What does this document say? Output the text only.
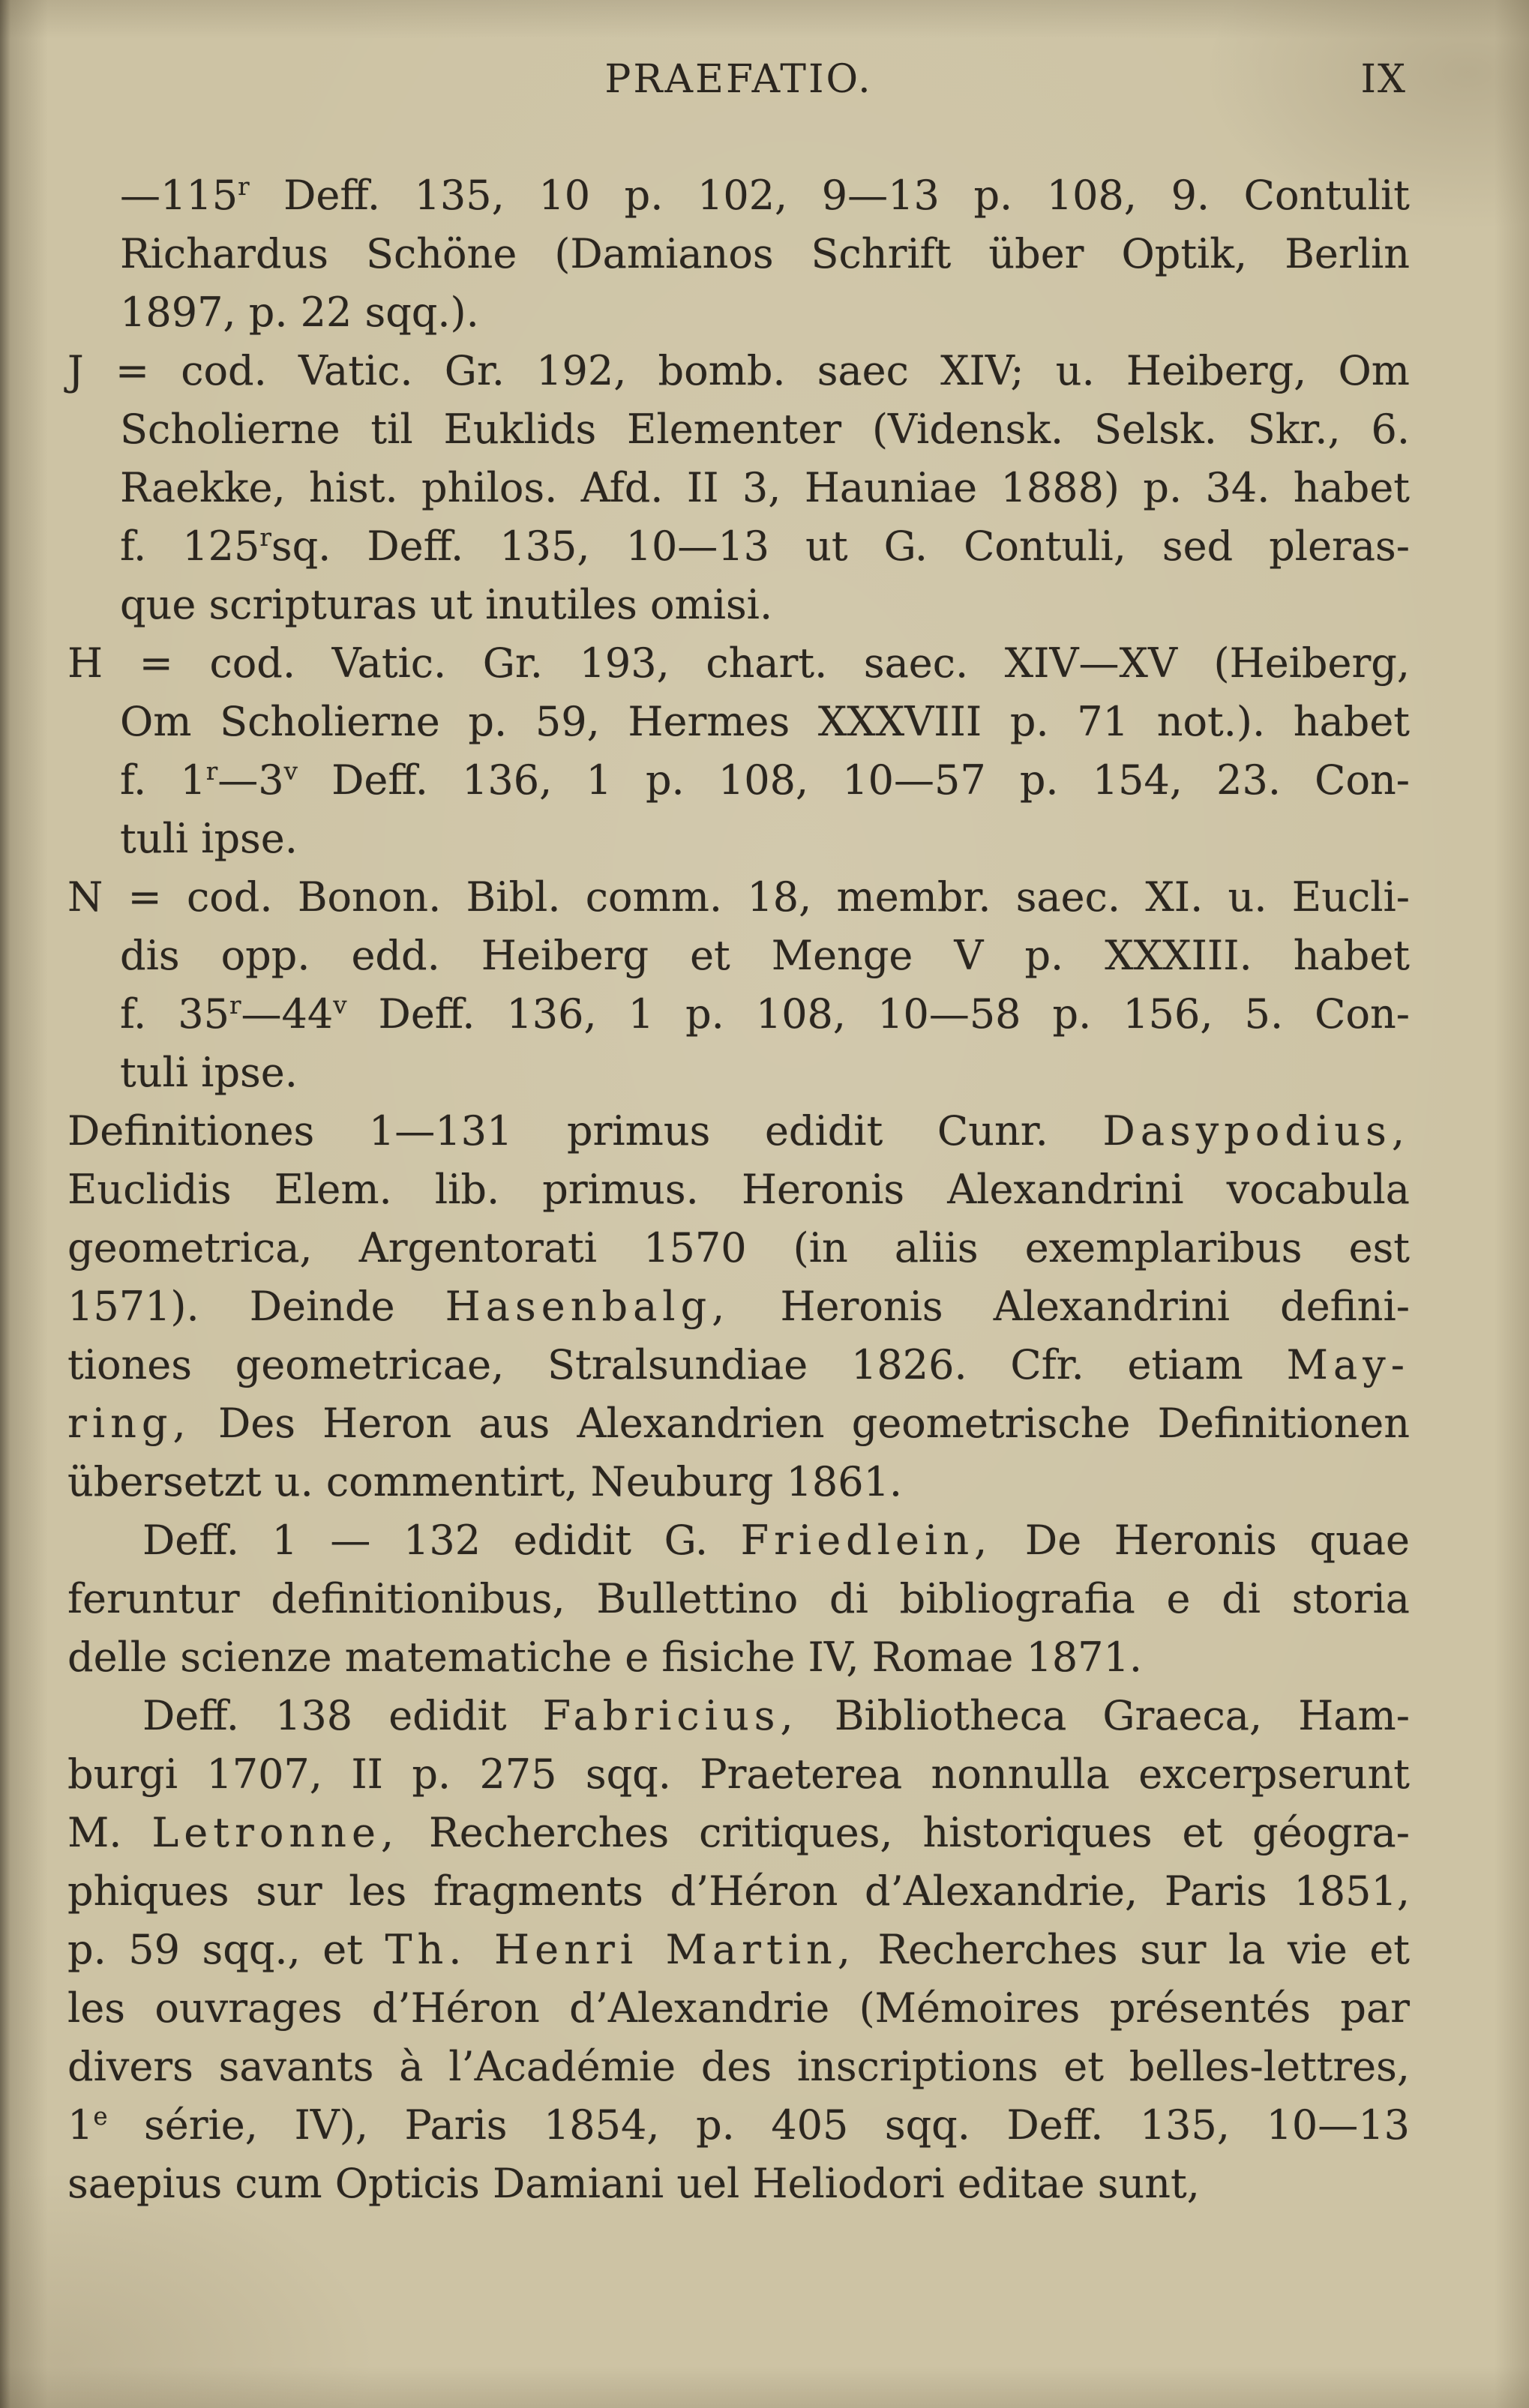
PRAEFATIO.	IX
—115$^r$ Deff. 135, 10 p. 102, 9—13 p. 108, 9. Contulit
Richardus Schöne (Damianos Schrift über Optik, Berlin
1897, p. 22 sqq.).
J = cod. Vatic. Gr. 192, bomb. saec XIV; u. Heiberg, Om
Scholierne til Euklids Elementer (Vidensk. Selsk. Skr., 6.
Raekke, hist. philos. Afd. II 3, Hauniae 1888) p. 34. habet
f. 125$^r$sq. Deff. 135, 10—13 ut G. Contuli, sed pleras-
que scripturas ut inutiles omisi.
H = cod. Vatic. Gr. 193, chart. saec. XIV—XV (Heiberg,
Om Scholierne p. 59, Hermes XXXVIII p. 71 not.). habet
f. 1$^r$—3$^v$ Deff. 136, 1 p. 108, 10—57 p. 154, 23. Con-
tuli ipse.
N = cod. Bonon. Bibl. comm. 18, membr. saec. XI. u. Eucli-
dis opp. edd. Heiberg et Menge V p. XXXIII. habet
f. 35$^r$—44$^v$ Deff. 136, 1 p. 108, 10—58 p. 156, 5. Con-
tuli ipse.
Definitiones 1—131 primus edidit Cunr. Dasypodius,
Euclidis Elem. lib. primus. Heronis Alexandrini vocabula
geometrica, Argentorati 1570 (in aliis exemplaribus est
1571). Deinde Hasenbalg, Heronis Alexandrini defini-
tiones geometricae, Stralsundiae 1826. Cfr. etiam May-
ring, Des Heron aus Alexandrien geometrische Definitionen
übersetzt u. commentirt, Neuburg 1861.
Deff. 1 — 132 edidit G. Friedlein, De Heronis quae
feruntur definitionibus, Bullettino di bibliografia e di storia
delle scienze matematiche e fisiche IV, Romae 1871.
Deff. 138 edidit Fabricius, Bibliotheca Graeca, Ham-
burgi 1707, II p. 275 sqq. Praeterea nonnulla excerpserunt
M. Letronne, Recherches critiques, historiques et géogra-
phiques sur les fragments d’Héron d’Alexandrie, Paris 1851,
p. 59 sqq., et Th. Henri Martin, Recherches sur la vie et
les ouvrages d’Héron d’Alexandrie (Mémoires présentés par
divers savants à l’Académie des inscriptions et belles-lettres,
1e série, IV), Paris 1854, p. 405 sqq. Deff. 135, 10—13
saepius cum Opticis Damiani uel Heliodori editae sunt,
